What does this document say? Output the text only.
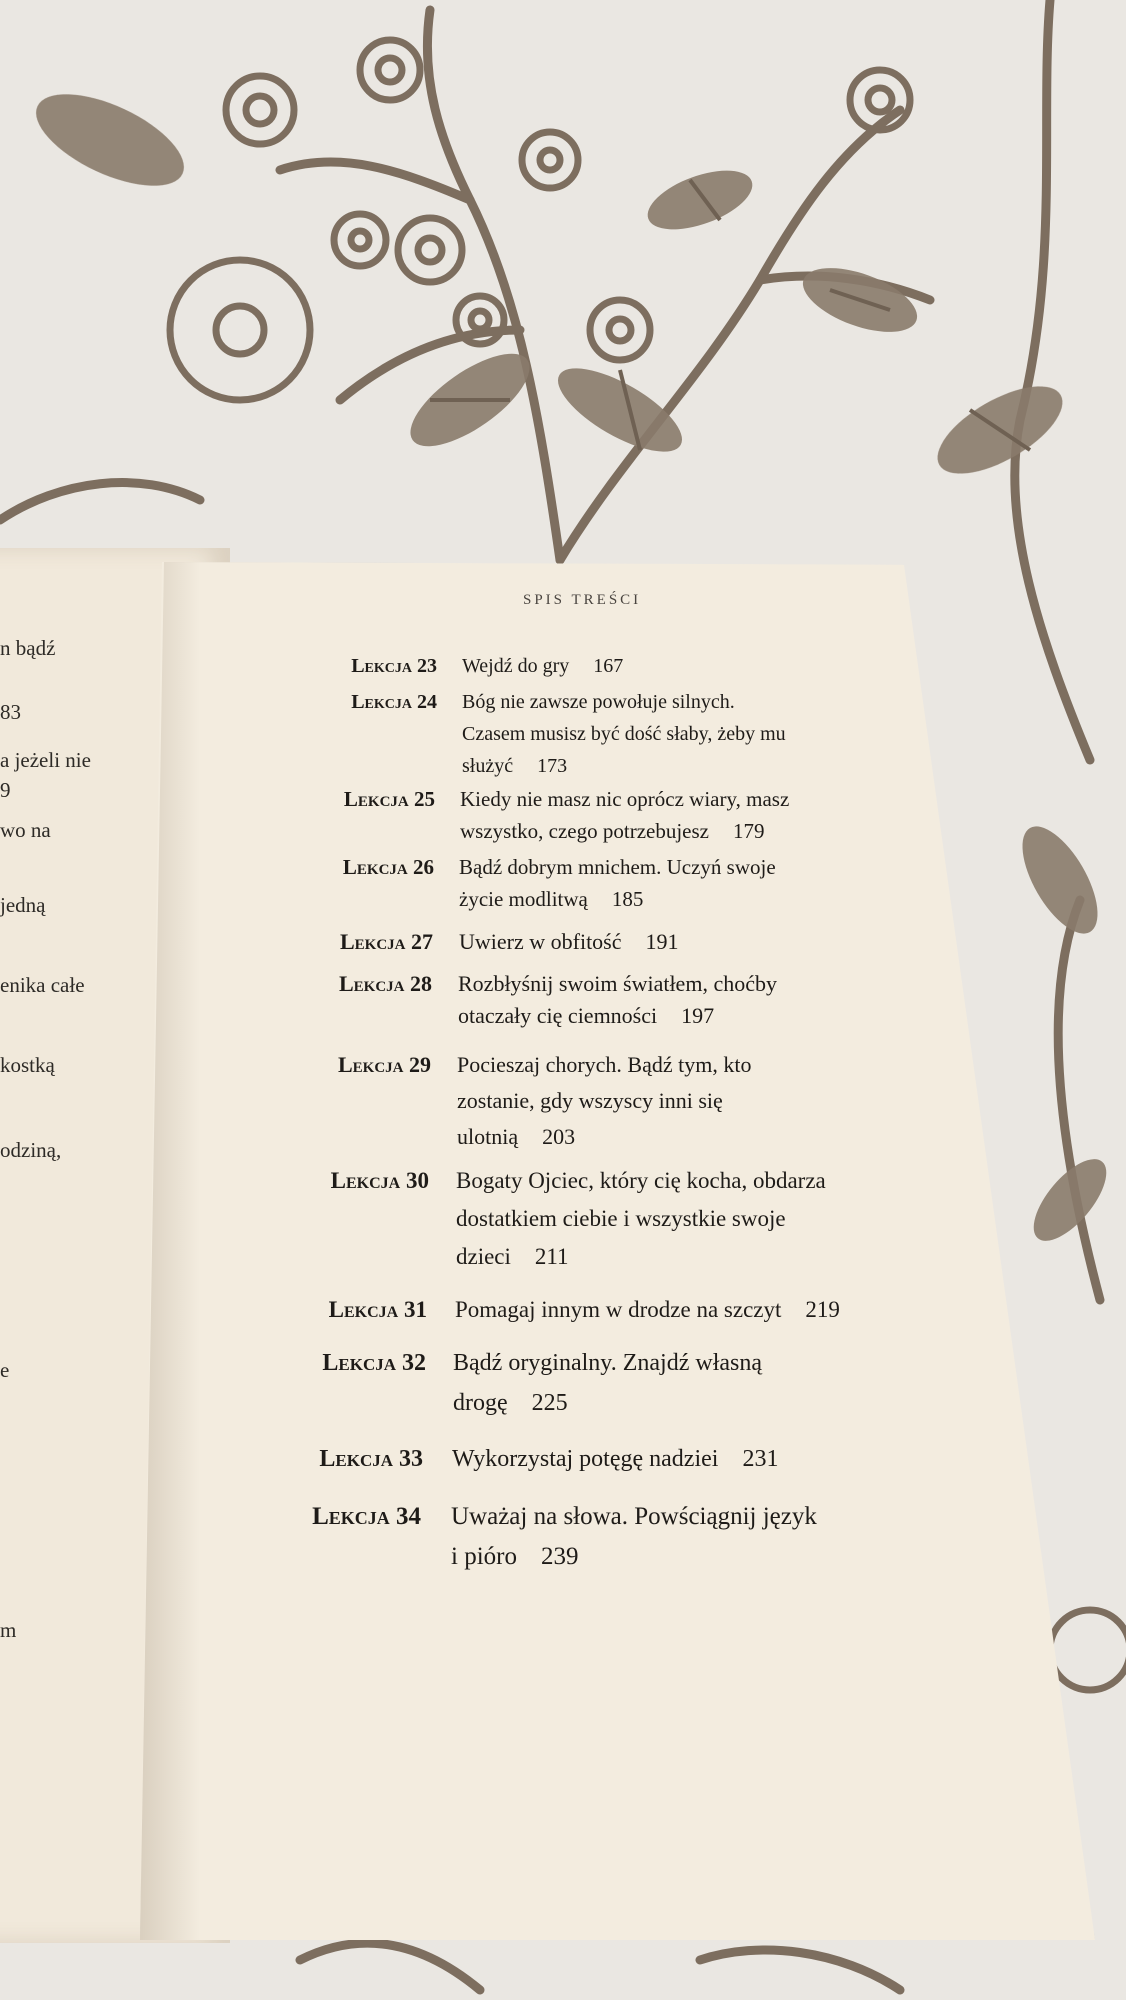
n bądź
83
a jeżeli nie
9
wo na
jedną
enika całe
kostką
odziną,
e
m
SPIS TREŚCI
Lekcja 23 Wejdź do gry 167
Lekcja 24 Bóg nie zawsze powołuje silnych.
Czasem musisz być dość słaby, żeby mu
służyć 173
Lekcja 25 Kiedy nie masz nic oprócz wiary, masz
wszystko, czego potrzebujesz 179
Lekcja 26 Bądź dobrym mnichem. Uczyń swoje
życie modlitwą 185
Lekcja 27 Uwierz w obfitość 191
Lekcja 28 Rozbłyśnij swoim światłem, choćby
otaczały cię ciemności 197
Lekcja 29 Pocieszaj chorych. Bądź tym, kto
zostanie, gdy wszyscy inni się
ulotnią 203
Lekcja 30 Bogaty Ojciec, który cię kocha, obdarza
dostatkiem ciebie i wszystkie swoje
dzieci 211
Lekcja 31 Pomagaj innym w drodze na szczyt 219
Lekcja 32 Bądź oryginalny. Znajdź własną
drogę 225
Lekcja 33 Wykorzystaj potęgę nadziei 231
Lekcja 34 Uważaj na słowa. Powściągnij język
i pióro 239
